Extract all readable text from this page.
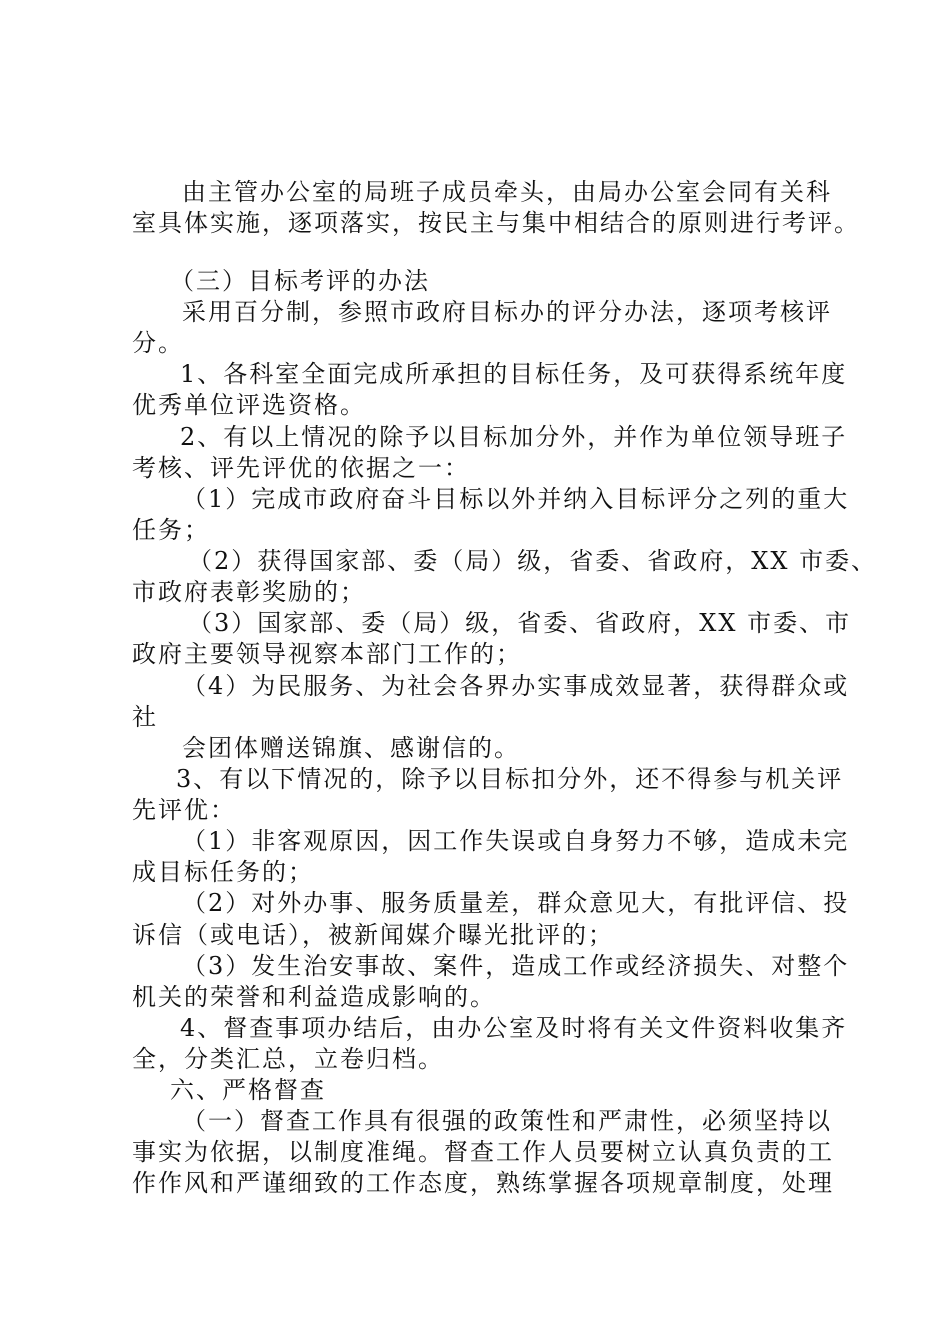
由主管办公室的局班子成员牵头，由局办公室会同有关科
室具体实施，逐项落实，按民主与集中相结合的原则进行考评。
（三）目标考评的办法
采用百分制，参照市政府目标办的评分办法，逐项考核评
分。
1、各科室全面完成所承担的目标任务，及可获得系统年度
优秀单位评选资格。
2、有以上情况的除予以目标加分外，并作为单位领导班子
考核、评先评优的依据之一：
（1）完成市政府奋斗目标以外并纳入目标评分之列的重大
任务；
（2）获得国家部、委（局）级，省委、省政府，XX 市委、
市政府表彰奖励的；
（3）国家部、委（局）级，省委、省政府，XX 市委、市
政府主要领导视察本部门工作的；
（4）为民服务、为社会各界办实事成效显著，获得群众或
社
会团体赠送锦旗、感谢信的。
3、有以下情况的，除予以目标扣分外，还不得参与机关评
先评优：
（1）非客观原因，因工作失误或自身努力不够，造成未完
成目标任务的；
（2）对外办事、服务质量差，群众意见大，有批评信、投
诉信（或电话），被新闻媒介曝光批评的；
（3）发生治安事故、案件，造成工作或经济损失、对整个
机关的荣誉和利益造成影响的。
4、督查事项办结后，由办公室及时将有关文件资料收集齐
全，分类汇总，立卷归档。
六、严格督查
（一）督查工作具有很强的政策性和严肃性，必须坚持以
事实为依据，以制度准绳。督查工作人员要树立认真负责的工
作作风和严谨细致的工作态度，熟练掌握各项规章制度，处理
